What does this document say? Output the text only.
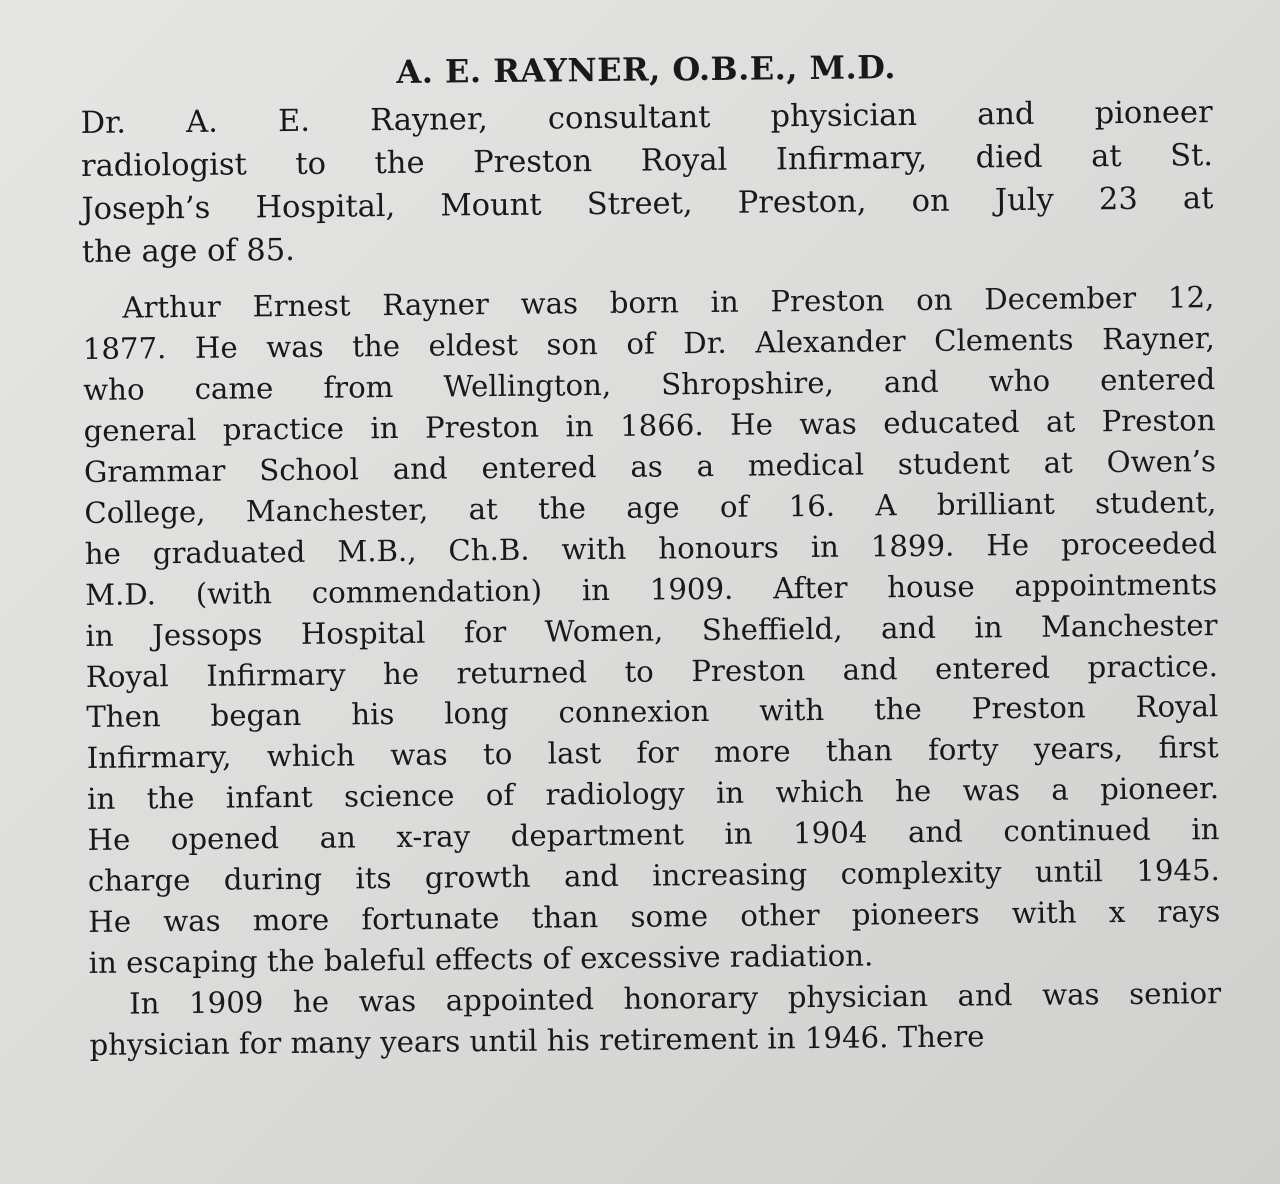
A. E. RAYNER, O.B.E., M.D.
Dr. A. E. Rayner, consultant physician and pioneer
radiologist to the Preston Royal Infirmary, died at St.
Joseph’s Hospital, Mount Street, Preston, on July 23 at
the age of 85.
Arthur Ernest Rayner was born in Preston on December 12,
1877. He was the eldest son of Dr. Alexander Clements Rayner,
who came from Wellington, Shropshire, and who entered
general practice in Preston in 1866. He was educated at Preston
Grammar School and entered as a medical student at Owen’s
College, Manchester, at the age of 16. A brilliant student,
he graduated M.B., Ch.B. with honours in 1899. He proceeded
M.D. (with commendation) in 1909. After house appointments
in Jessops Hospital for Women, Sheffield, and in Manchester
Royal Infirmary he returned to Preston and entered practice.
Then began his long connexion with the Preston Royal
Infirmary, which was to last for more than forty years, first
in the infant science of radiology in which he was a pioneer.
He opened an x-ray department in 1904 and continued in
charge during its growth and increasing complexity until 1945.
He was more fortunate than some other pioneers with x rays
in escaping the baleful effects of excessive radiation.
In 1909 he was appointed honorary physician and was senior
physician for many years until his retirement in 1946. There
